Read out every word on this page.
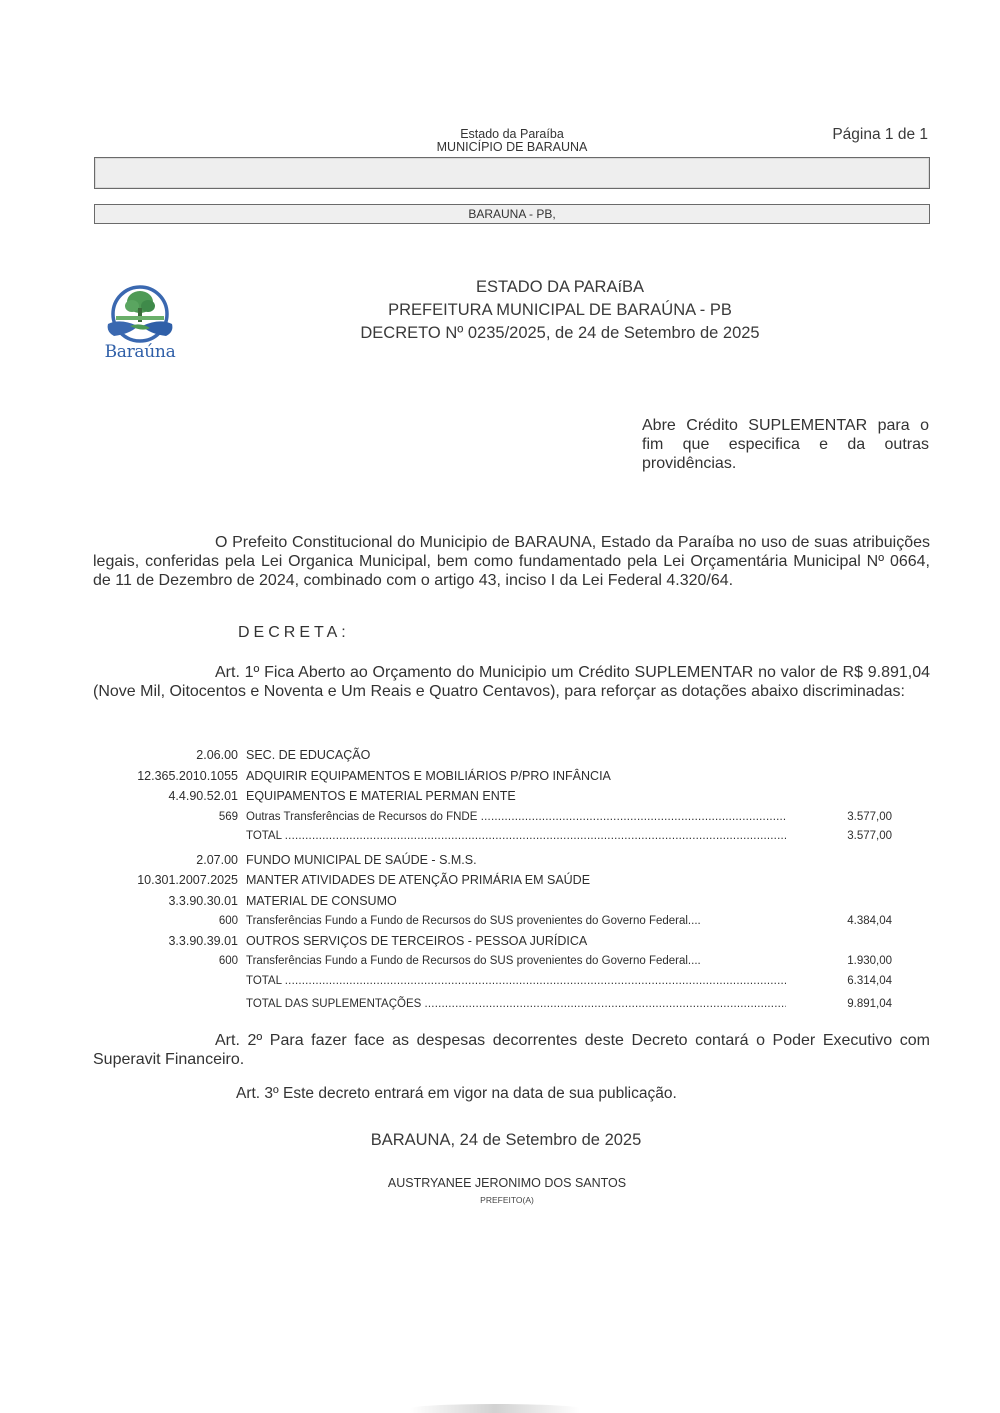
Estado da Paraíba
MUNICÍPIO DE BARAUNA
Página 1 de 1
BARAUNA - PB,
Baraúna
ESTADO DA PARAíBA
PREFEITURA MUNICIPAL DE BARAÚNA - PB
DECRETO Nº 0235/2025, de 24 de Setembro de 2025
Abre Crédito SUPLEMENTAR para o fim que especifica e da outras providências.
O Prefeito Constitucional do Municipio de BARAUNA, Estado da Paraíba no uso de suas atribuições legais, conferidas pela Lei Organica Municipal, bem como fundamentado pela Lei Orçamentária Municipal Nº 0664, de 11 de Dezembro de 2024, combinado com o artigo 43, inciso I da Lei Federal 4.320/64.
DECRETA:
Art. 1º Fica Aberto ao Orçamento do Municipio um Crédito SUPLEMENTAR no valor de R$ 9.891,04 (Nove Mil, Oitocentos e Noventa e Um Reais e Quatro Centavos), para reforçar as dotações abaixo discriminadas:
2.06.00 SEC. DE EDUCAÇÃO
12.365.2010.1055 ADQUIRIR EQUIPAMENTOS E MOBILIÁRIOS P/PRO INFÂNCIA
4.4.90.52.01 EQUIPAMENTOS E MATERIAL PERMAN ENTE
569 Outras Transferências de Recursos do FNDE .....	3.577,00
TOTAL .....	3.577,00
2.07.00 FUNDO MUNICIPAL DE SAÚDE - S.M.S.
10.301.2007.2025 MANTER ATIVIDADES DE ATENÇÃO PRIMÁRIA EM SAÚDE
3.3.90.30.01 MATERIAL DE CONSUMO
600 Transferências Fundo a Fundo de Recursos do SUS provenientes do Governo Federal....	4.384,04
3.3.90.39.01 OUTROS SERVIÇOS DE TERCEIROS - PESSOA JURÍDICA
600 Transferências Fundo a Fundo de Recursos do SUS provenientes do Governo Federal....	1.930,00
TOTAL .....	6.314,04
TOTAL DAS SUPLEMENTAÇÕES .....	9.891,04
Art. 2º Para fazer face as despesas decorrentes deste Decreto contará o Poder Executivo com Superavit Financeiro.
Art. 3º Este decreto entrará em vigor na data de sua publicação.
BARAUNA, 24 de Setembro de 2025
AUSTRYANEE JERONIMO DOS SANTOS
PREFEITO(A)
